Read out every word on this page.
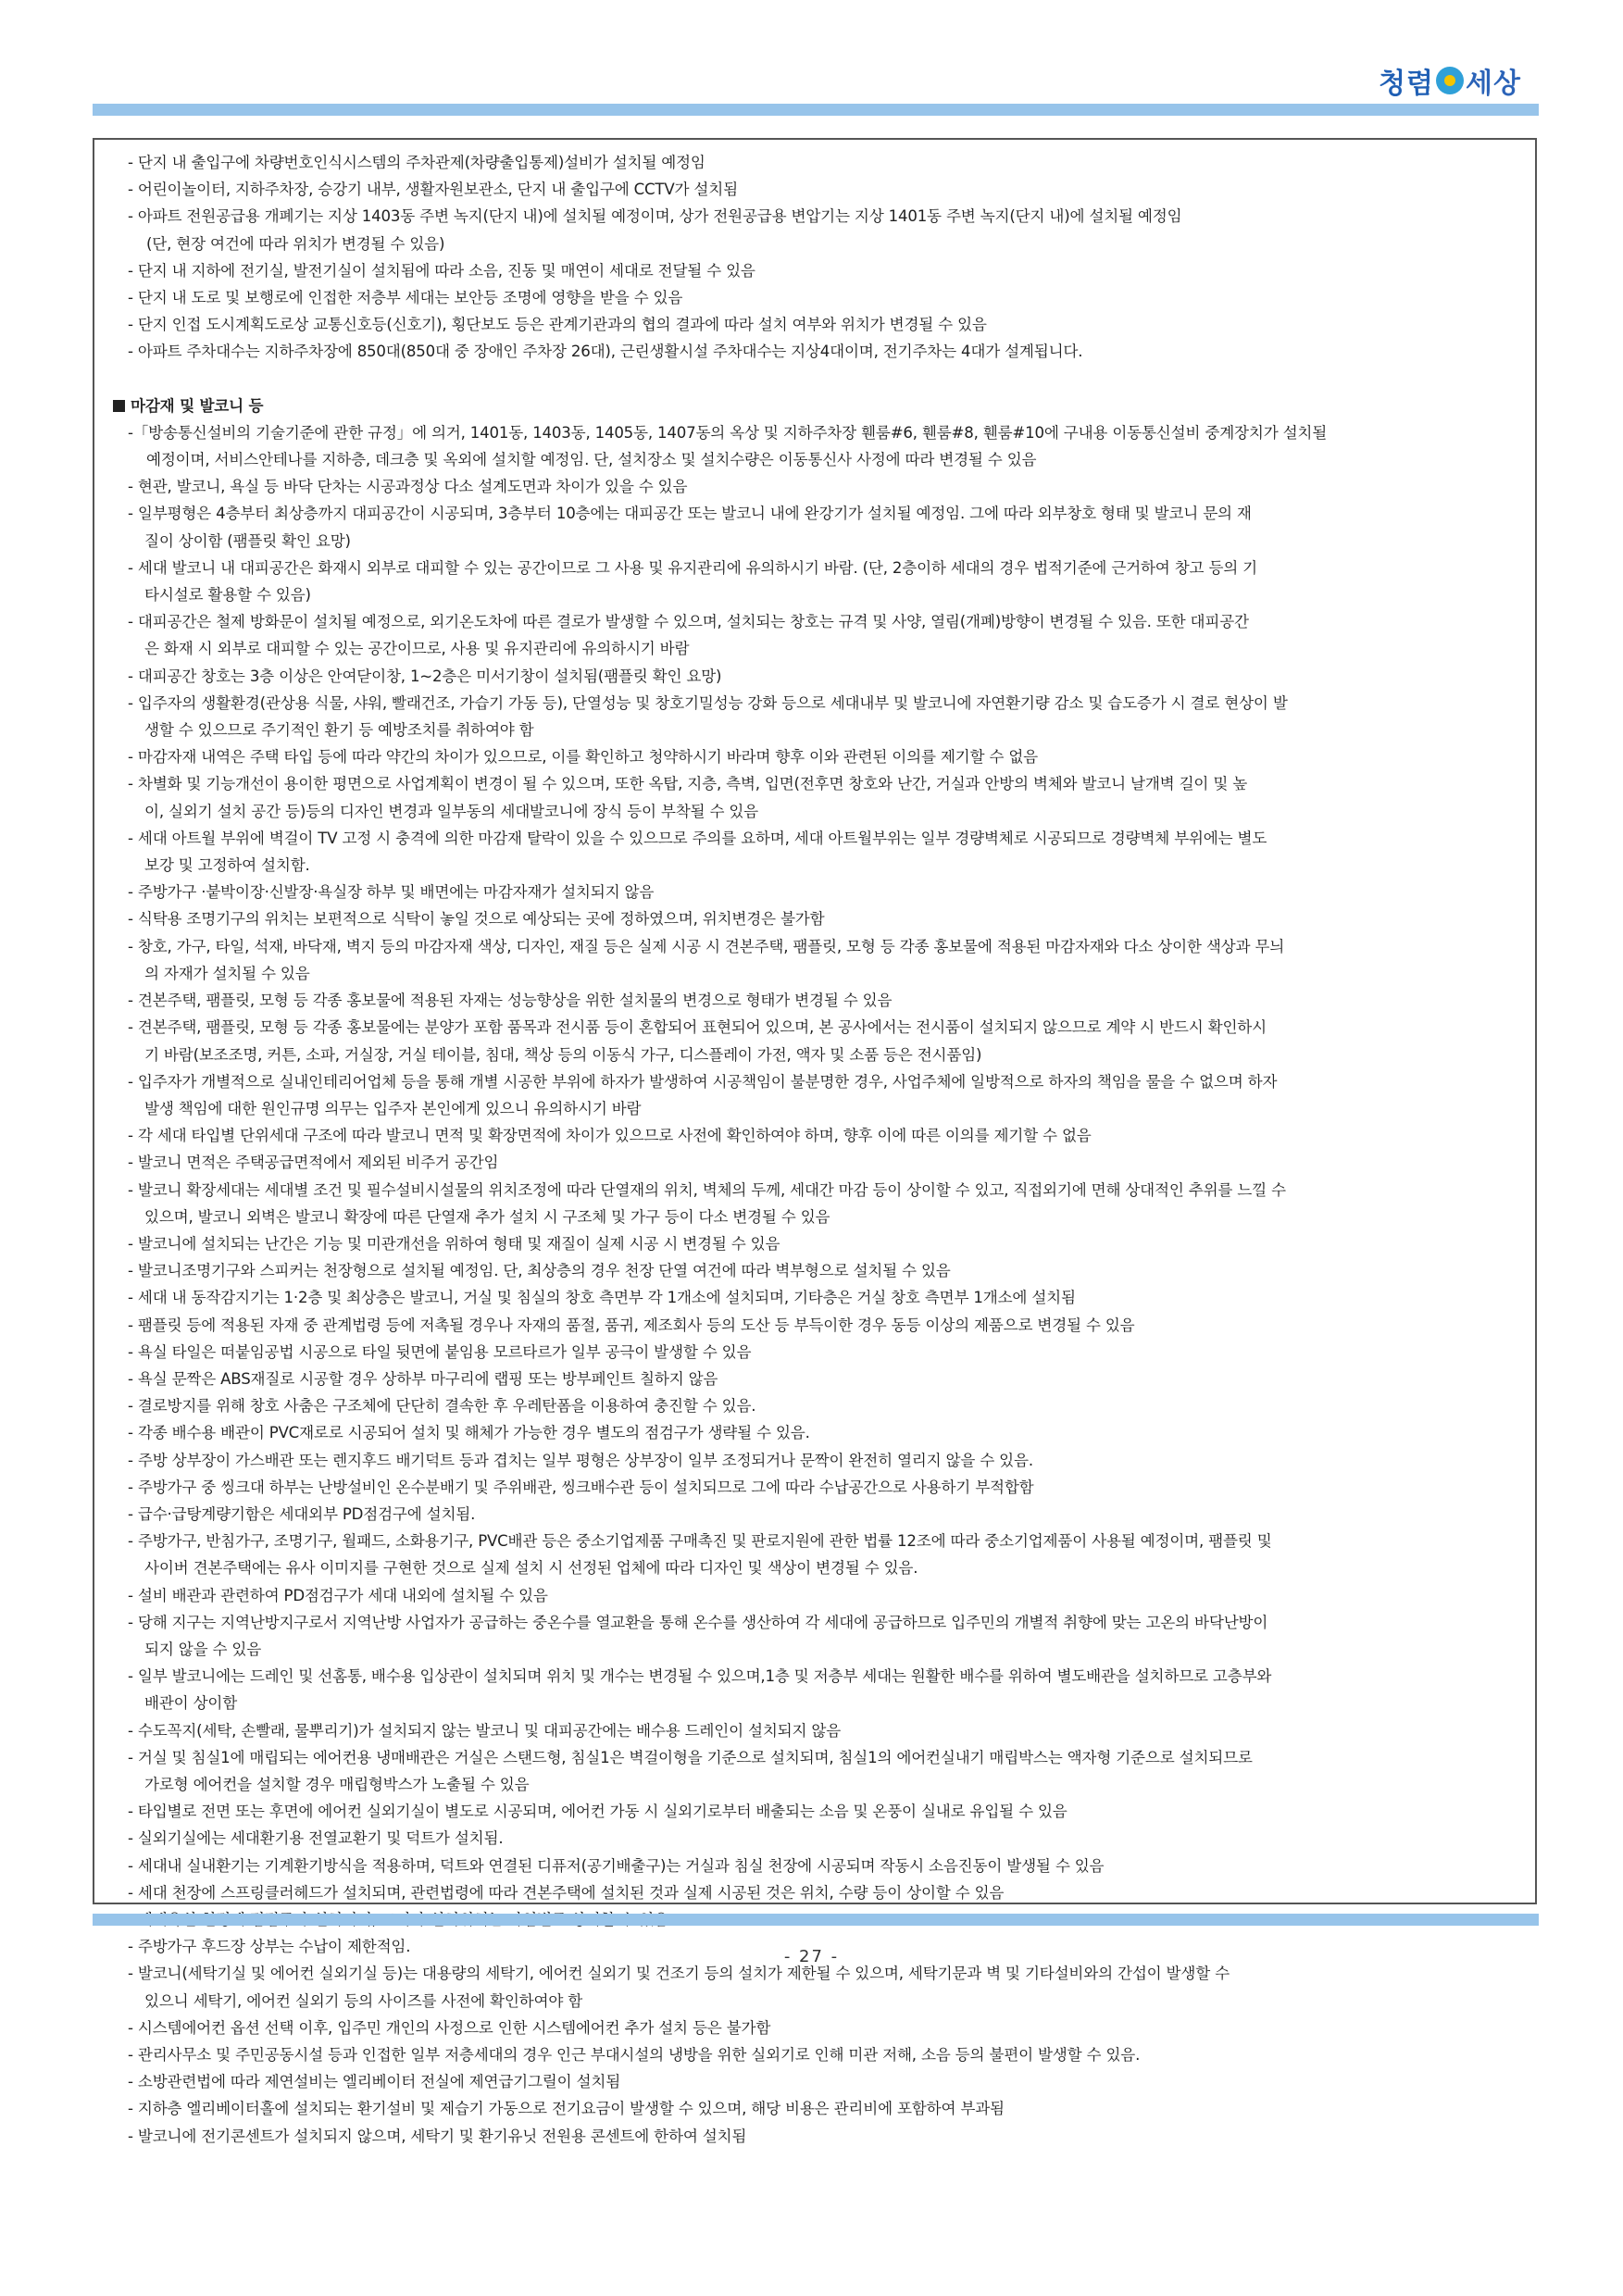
청렴 세상
- 단지 내 출입구에 차량번호인식시스템의 주차관제(차량출입통제)설비가 설치될 예정임
- 어린이놀이터, 지하주차장, 승강기 내부, 생활자원보관소, 단지 내 출입구에 CCTV가 설치됨
- 아파트 전원공급용 개폐기는 지상 1403동 주변 녹지(단지 내)에 설치될 예정이며, 상가 전원공급용 변압기는 지상 1401동 주변 녹지(단지 내)에 설치될 예정임
(단, 현장 여건에 따라 위치가 변경될 수 있음)
- 단지 내 지하에 전기실, 발전기실이 설치됨에 따라 소음, 진동 및 매연이 세대로 전달될 수 있음
- 단지 내 도로 및 보행로에 인접한 저층부 세대는 보안등 조명에 영향을 받을 수 있음
- 단지 인접 도시계획도로상 교통신호등(신호기), 횡단보도 등은 관계기관과의 협의 결과에 따라 설치 여부와 위치가 변경될 수 있음
- 아파트 주차대수는 지하주차장에 850대(850대 중 장애인 주차장 26대), 근린생활시설 주차대수는 지상4대이며, 전기주차는 4대가 설계됩니다.
마감재 및 발코니 등
-「방송통신설비의 기술기준에 관한 규정」에 의거, 1401동, 1403동, 1405동, 1407동의 옥상 및 지하주차장 휀룸#6, 휀룸#8, 휀룸#10에 구내용 이동통신설비 중계장치가 설치될
예정이며, 서비스안테나를 지하층, 데크층 및 옥외에 설치할 예정임. 단, 설치장소 및 설치수량은 이동통신사 사정에 따라 변경될 수 있음
- 현관, 발코니, 욕실 등 바닥 단차는 시공과정상 다소 설계도면과 차이가 있을 수 있음
- 일부평형은 4층부터 최상층까지 대피공간이 시공되며, 3층부터 10층에는 대피공간 또는 발코니 내에 완강기가 설치될 예정임. 그에 따라 외부창호 형태 및 발코니 문의 재
질이 상이함 (팸플릿 확인 요망)
- 세대 발코니 내 대피공간은 화재시 외부로 대피할 수 있는 공간이므로 그 사용 및 유지관리에 유의하시기 바람. (단, 2층이하 세대의 경우 법적기준에 근거하여 창고 등의 기
타시설로 활용할 수 있음)
- 대피공간은 철제 방화문이 설치될 예정으로, 외기온도차에 따른 결로가 발생할 수 있으며, 설치되는 창호는 규격 및 사양, 열림(개폐)방향이 변경될 수 있음. 또한 대피공간
은 화재 시 외부로 대피할 수 있는 공간이므로, 사용 및 유지관리에 유의하시기 바람
- 대피공간 창호는 3층 이상은 안여닫이창, 1~2층은 미서기창이 설치됨(팸플릿 확인 요망)
- 입주자의 생활환경(관상용 식물, 샤워, 빨래건조, 가습기 가동 등), 단열성능 및 창호기밀성능 강화 등으로 세대내부 및 발코니에 자연환기량 감소 및 습도증가 시 결로 현상이 발
생할 수 있으므로 주기적인 환기 등 예방조치를 취하여야 함
- 마감자재 내역은 주택 타입 등에 따라 약간의 차이가 있으므로, 이를 확인하고 청약하시기 바라며 향후 이와 관련된 이의를 제기할 수 없음
- 차별화 및 기능개선이 용이한 평면으로 사업계획이 변경이 될 수 있으며, 또한 옥탑, 지층, 측벽, 입면(전후면 창호와 난간, 거실과 안방의 벽체와 발코니 날개벽 길이 및 높
이, 실외기 설치 공간 등)등의 디자인 변경과 일부동의 세대발코니에 장식 등이 부착될 수 있음
- 세대 아트월 부위에 벽걸이 TV 고정 시 충격에 의한 마감재 탈락이 있을 수 있으므로 주의를 요하며, 세대 아트월부위는 일부 경량벽체로 시공되므로 경량벽체 부위에는 별도
보강 및 고정하여 설치함.
- 주방가구 ·붙박이장·신발장·욕실장 하부 및 배면에는 마감자재가 설치되지 않음
- 식탁용 조명기구의 위치는 보편적으로 식탁이 놓일 것으로 예상되는 곳에 정하였으며, 위치변경은 불가함
- 창호, 가구, 타일, 석재, 바닥재, 벽지 등의 마감자재 색상, 디자인, 재질 등은 실제 시공 시 견본주택, 팸플릿, 모형 등 각종 홍보물에 적용된 마감자재와 다소 상이한 색상과 무늬
의 자재가 설치될 수 있음
- 견본주택, 팸플릿, 모형 등 각종 홍보물에 적용된 자재는 성능향상을 위한 설치물의 변경으로 형태가 변경될 수 있음
- 견본주택, 팸플릿, 모형 등 각종 홍보물에는 분양가 포함 품목과 전시품 등이 혼합되어 표현되어 있으며, 본 공사에서는 전시품이 설치되지 않으므로 계약 시 반드시 확인하시
기 바람(보조조명, 커튼, 소파, 거실장, 거실 테이블, 침대, 책상 등의 이동식 가구, 디스플레이 가전, 액자 및 소품 등은 전시품임)
- 입주자가 개별적으로 실내인테리어업체 등을 통해 개별 시공한 부위에 하자가 발생하여 시공책임이 불분명한 경우, 사업주체에 일방적으로 하자의 책임을 물을 수 없으며 하자
발생 책임에 대한 원인규명 의무는 입주자 본인에게 있으니 유의하시기 바람
- 각 세대 타입별 단위세대 구조에 따라 발코니 면적 및 확장면적에 차이가 있으므로 사전에 확인하여야 하며, 향후 이에 따른 이의를 제기할 수 없음
- 발코니 면적은 주택공급면적에서 제외된 비주거 공간임
- 발코니 확장세대는 세대별 조건 및 필수설비시설물의 위치조정에 따라 단열재의 위치, 벽체의 두께, 세대간 마감 등이 상이할 수 있고, 직접외기에 면해 상대적인 추위를 느낄 수
있으며, 발코니 외벽은 발코니 확장에 따른 단열재 추가 설치 시 구조체 및 가구 등이 다소 변경될 수 있음
- 발코니에 설치되는 난간은 기능 및 미관개선을 위하여 형태 및 재질이 실제 시공 시 변경될 수 있음
- 발코니조명기구와 스피커는 천장형으로 설치될 예정임. 단, 최상층의 경우 천장 단열 여건에 따라 벽부형으로 설치될 수 있음
- 세대 내 동작감지기는 1·2층 및 최상층은 발코니, 거실 및 침실의 창호 측면부 각 1개소에 설치되며, 기타층은 거실 창호 측면부 1개소에 설치됨
- 팸플릿 등에 적용된 자재 중 관계법령 등에 저촉될 경우나 자재의 품절, 품귀, 제조회사 등의 도산 등 부득이한 경우 동등 이상의 제품으로 변경될 수 있음
- 욕실 타일은 떠붙임공법 시공으로 타일 뒷면에 붙임용 모르타르가 일부 공극이 발생할 수 있음
- 욕실 문짝은 ABS재질로 시공할 경우 상하부 마구리에 랩핑 또는 방부페인트 칠하지 않음
- 결로방지를 위해 창호 사춤은 구조체에 단단히 결속한 후 우레탄폼을 이용하여 충진할 수 있음.
- 각종 배수용 배관이 PVC재로로 시공되어 설치 및 해체가 가능한 경우 별도의 점검구가 생략될 수 있음.
- 주방 상부장이 가스배관 또는 렌지후드 배기덕트 등과 겹치는 일부 평형은 상부장이 일부 조정되거나 문짝이 완전히 열리지 않을 수 있음.
- 주방가구 중 씽크대 하부는 난방설비인 온수분배기 및 주위배관, 씽크배수관 등이 설치되므로 그에 따라 수납공간으로 사용하기 부적합함
- 급수·급탕계량기함은 세대외부 PD점검구에 설치됨.
- 주방가구, 반침가구, 조명기구, 월패드, 소화용기구, PVC배관 등은 중소기업제품 구매촉진 및 판로지원에 관한 법률 12조에 따라 중소기업제품이 사용될 예정이며, 팸플릿 및
사이버 견본주택에는 유사 이미지를 구현한 것으로 실제 설치 시 선정된 업체에 따라 디자인 및 색상이 변경될 수 있음.
- 설비 배관과 관련하여 PD점검구가 세대 내외에 설치될 수 있음
- 당해 지구는 지역난방지구로서 지역난방 사업자가 공급하는 중온수를 열교환을 통해 온수를 생산하여 각 세대에 공급하므로 입주민의 개별적 취향에 맞는 고온의 바닥난방이
되지 않을 수 있음
- 일부 발코니에는 드레인 및 선홈통, 배수용 입상관이 설치되며 위치 및 개수는 변경될 수 있으며,1층 및 저층부 세대는 원활한 배수를 위하여 별도배관을 설치하므로 고층부와
배관이 상이함
- 수도꼭지(세탁, 손빨래, 물뿌리기)가 설치되지 않는 발코니 및 대피공간에는 배수용 드레인이 설치되지 않음
- 거실 및 침실1에 매립되는 에어컨용 냉매배관은 거실은 스탠드형, 침실1은 벽걸이형을 기준으로 설치되며, 침실1의 에어컨실내기 매립박스는 액자형 기준으로 설치되므로
가로형 에어컨을 설치할 경우 매립형박스가 노출될 수 있음
- 타입별로 전면 또는 후면에 에어컨 실외기실이 별도로 시공되며, 에어컨 가동 시 실외기로부터 배출되는 소음 및 온풍이 실내로 유입될 수 있음
- 실외기실에는 세대환기용 전열교환기 및 덕트가 설치됨.
- 세대내 실내환기는 기계환기방식을 적용하며, 덕트와 연결된 디퓨저(공기배출구)는 거실과 침실 천장에 시공되며 작동시 소음진동이 발생될 수 있음
- 세대 천장에 스프링클러헤드가 설치되며, 관련법령에 따라 견본주택에 설치된 것과 실제 시공된 것은 위치, 수량 등이 상이할 수 있음
- 주방가구 후드장 상부는 수납이 제한적임.
- 발코니(세탁기실 및 에어컨 실외기실 등)는 대용량의 세탁기, 에어컨 실외기 및 건조기 등의 설치가 제한될 수 있으며, 세탁기문과 벽 및 기타설비와의 간섭이 발생할 수
있으니 세탁기, 에어컨 실외기 등의 사이즈를 사전에 확인하여야 함
- 시스템에어컨 옵션 선택 이후, 입주민 개인의 사정으로 인한 시스템에어컨 추가 설치 등은 불가함
- 관리사무소 및 주민공동시설 등과 인접한 일부 저층세대의 경우 인근 부대시설의 냉방을 위한 실외기로 인해 미관 저해, 소음 등의 불편이 발생할 수 있음.
- 소방관련법에 따라 제연설비는 엘리베이터 전실에 제연급기그릴이 설치됨
- 지하층 엘리베이터홀에 설치되는 환기설비 및 제습기 가동으로 전기요금이 발생할 수 있으며, 해당 비용은 관리비에 포함하여 부과됨
- 발코니에 전기콘센트가 설치되지 않으며, 세탁기 및 환기유닛 전원용 콘센트에 한하여 설치됨
- 27 -
